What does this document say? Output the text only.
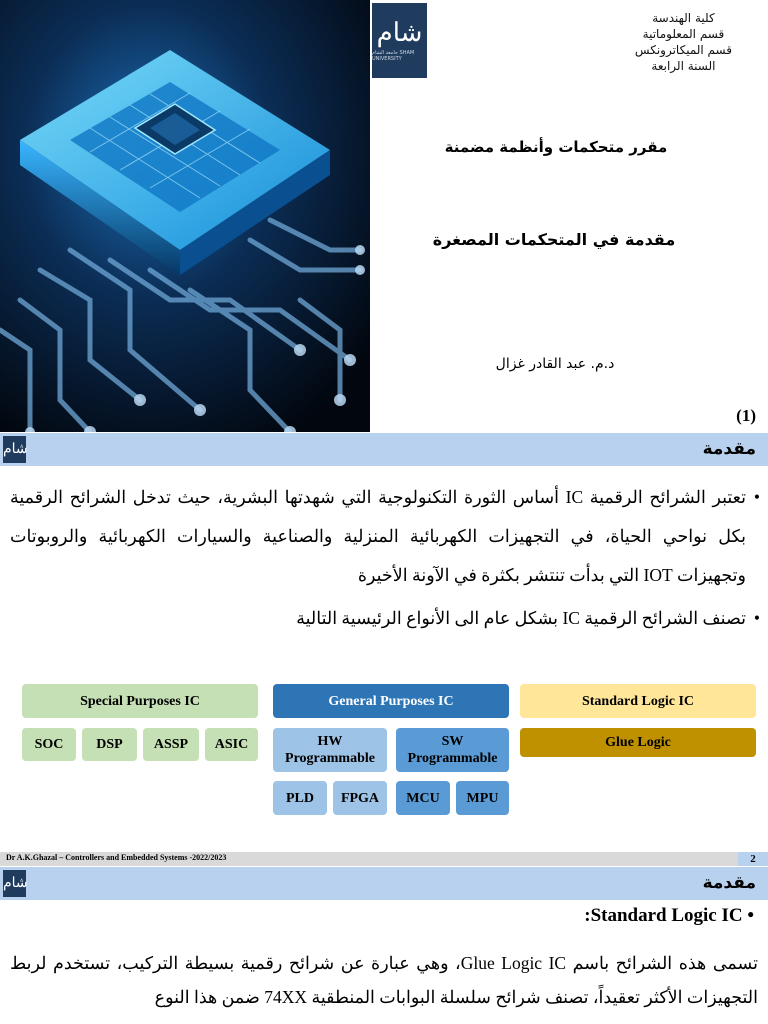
شام
جامعة الشام SHAM UNIVERSITY
كلية الهندسة
قسم المعلوماتية
قسم الميكاترونكس
السنة الرابعة
مقرر متحكمات وأنظمة مضمنة
مقدمة في المتحكمات المصغرة
د.م. عبد القادر غزال
(1)
شام	مقدمة
• تعتبر الشرائح الرقمية IC أساس الثورة التكنولوجية التي شهدتها البشرية، حيث تدخل الشرائح الرقمية بكل نواحي الحياة، في التجهيزات الكهربائية المنزلية والصناعية والسيارات الكهربائية والروبوتات وتجهيزات IOT التي بدأت تنتشر بكثرة في الآونة الأخيرة
• تصنف الشرائح الرقمية IC بشكل عام الى الأنواع الرئيسية التالية
Special Purposes IC
SOC	DSP	ASSP	ASIC
General Purposes IC
HW Programmable
SW Programmable
PLD	FPGA	MCU	MPU
Standard Logic IC
Glue Logic
Dr A.K.Ghazal – Controllers and Embedded Systems -2022/2023	2
شام	مقدمة
• Standard Logic IC:
تسمى هذه الشرائح باسم Glue Logic IC، وهي عبارة عن شرائح رقمية بسيطة التركيب، تستخدم لربط التجهيزات الأكثر تعقيداً، تصنف شرائح سلسلة البوابات المنطقية 74XX ضمن هذا النوع
